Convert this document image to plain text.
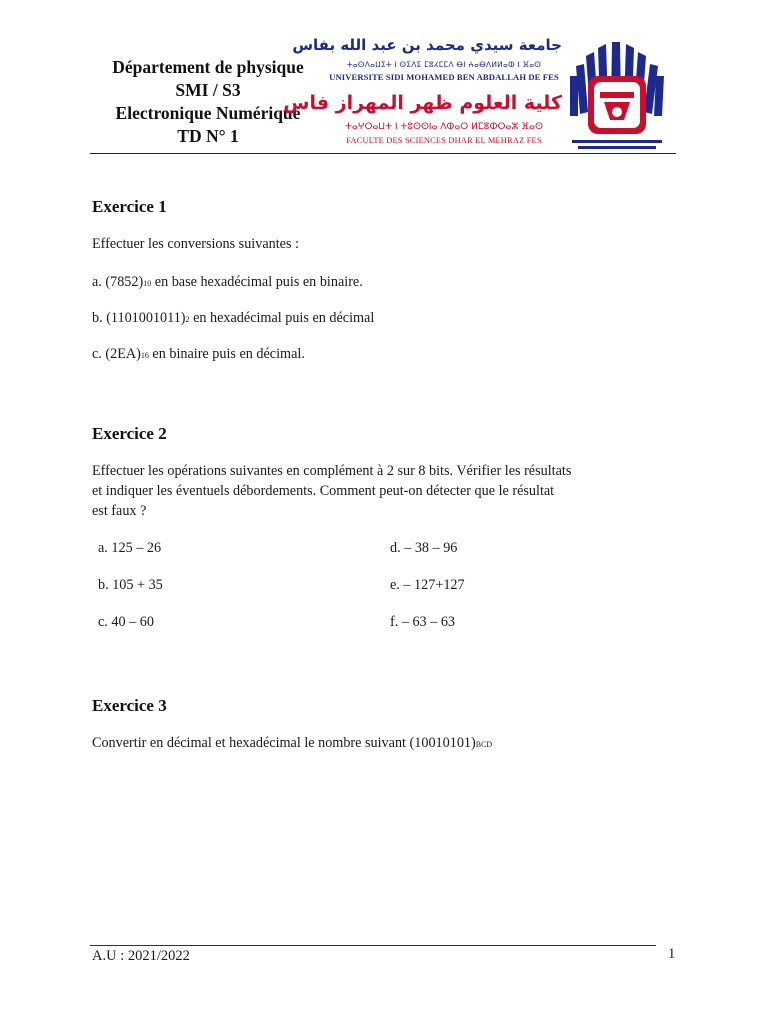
Département de physique
SMI / S3
Electronique Numérique
TD N° 1
جامعة سيدي محمد بن عبد الله بفاس
ⵜⴰⵙⴷⴰⵡⵉⵜ ⵏ ⵙⵉⴷⵉ ⵎⵓⵃⵎⵎⴷ ⴱⵏ ⵄⴰⴱⴷⵍⵍⴰⵀ ⵏ ⴼⴰⵙ
UNIVERSITE SIDI MOHAMED BEN ABDALLAH DE FES
كلية العلوم ظهر المهراز فاس
ⵜⴰⵖⵔⴰⵡⵜ ⵏ ⵜⵓⵙⵙⵏⴰ ⴷⵀⴰⵔ ⵍⵎⴻⵀⵔⴰⵣ ⴼⴰⵙ
FACULTE DES SCIENCES DHAR EL MEHRAZ FES
Exercice 1
Effectuer les conversions suivantes :
a. (7852)10 en base hexadécimal puis en binaire.
b. (1101001011)2 en hexadécimal puis en décimal
c. (2EA)16 en binaire puis en décimal.
Exercice 2
Effectuer les opérations suivantes en complément à 2 sur 8 bits. Vérifier les résultats
et indiquer les éventuels débordements. Comment peut-on détecter que le résultat
est faux ?
a. 125 – 26
b. 105 + 35
c. 40 – 60
d. – 38 – 96
e. – 127+127
f. – 63 – 63
Exercice 3
Convertir en décimal et hexadécimal le nombre suivant (10010101)BCD
A.U : 2021/2022	1
